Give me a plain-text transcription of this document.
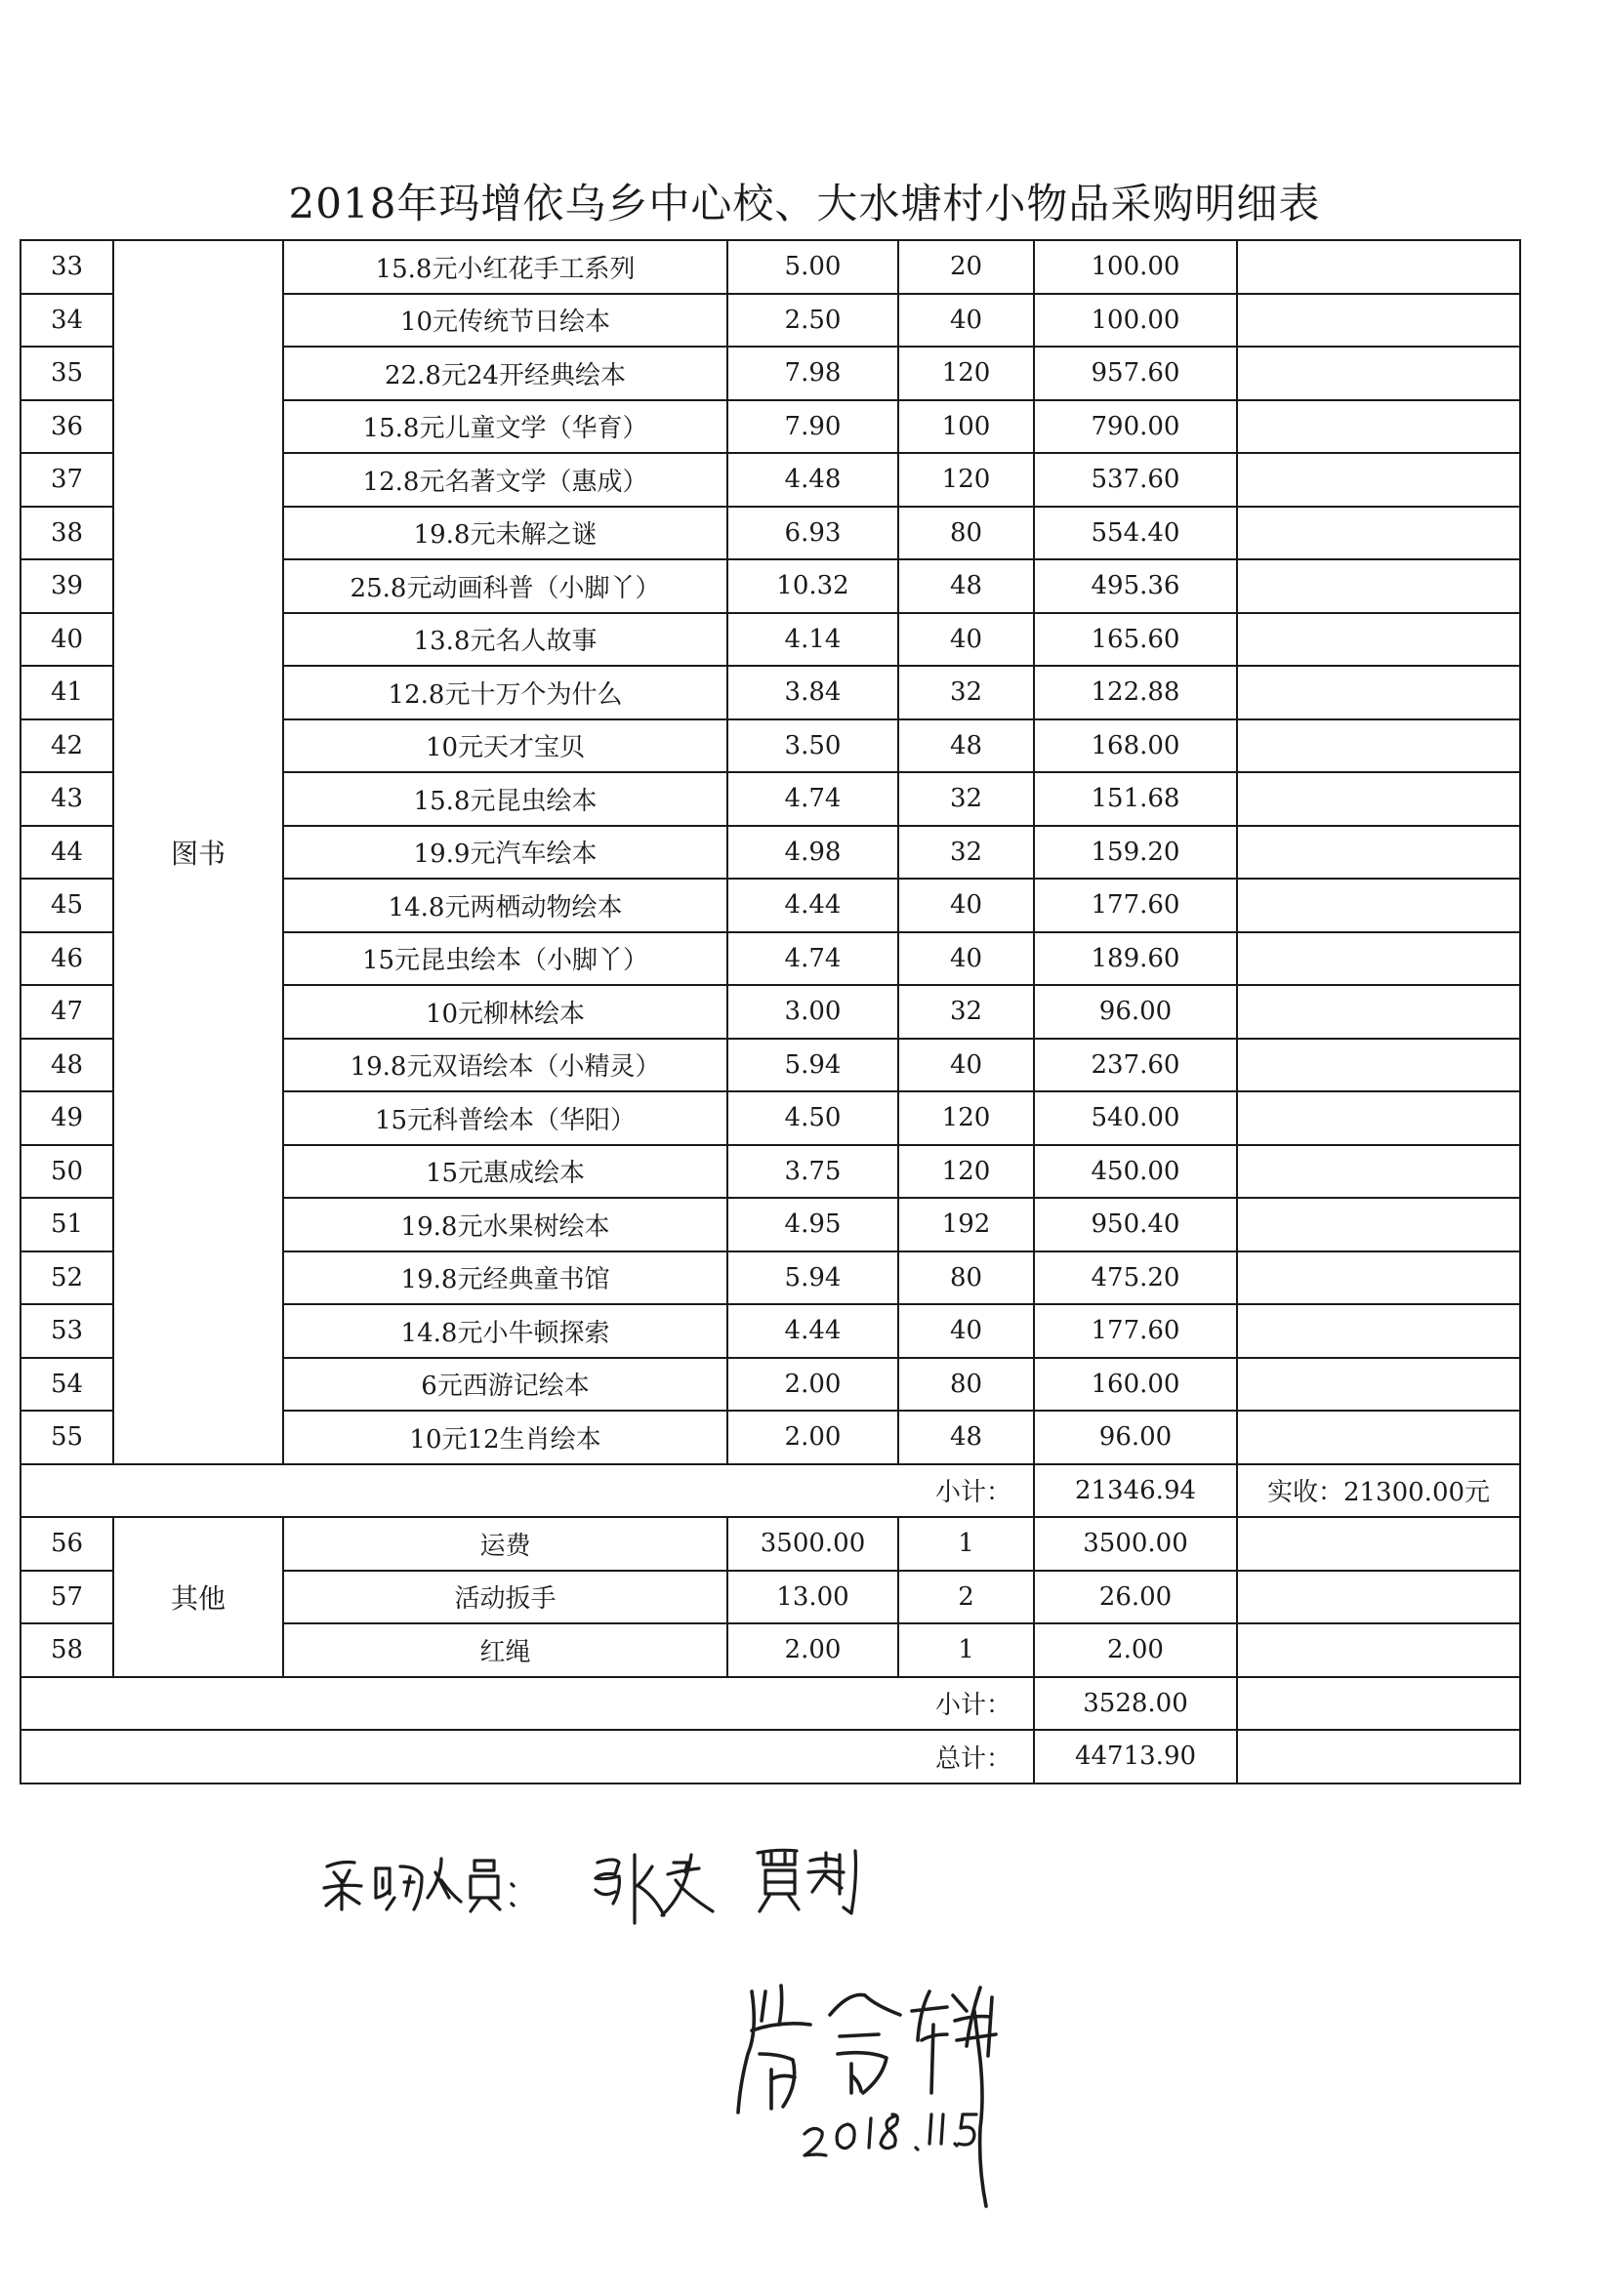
2018年玛增依乌乡中心校、大水塘村小物品采购明细表
33	图书	15.8元小红花手工系列	5.00	20	100.00	
34		10元传统节日绘本	2.50	40	100.00	
35		22.8元24开经典绘本	7.98	120	957.60	
36		15.8元儿童文学（华育）	7.90	100	790.00	
37		12.8元名著文学（惠成）	4.48	120	537.60	
38		19.8元未解之谜	6.93	80	554.40	
39		25.8元动画科普（小脚丫）	10.32	48	495.36	
40		13.8元名人故事	4.14	40	165.60	
41		12.8元十万个为什么	3.84	32	122.88	
42		10元天才宝贝	3.50	48	168.00	
43		15.8元昆虫绘本	4.74	32	151.68	
44		19.9元汽车绘本	4.98	32	159.20	
45		14.8元两栖动物绘本	4.44	40	177.60	
46		15元昆虫绘本（小脚丫）	4.74	40	189.60	
47		10元柳林绘本	3.00	32	96.00	
48		19.8元双语绘本（小精灵）	5.94	40	237.60	
49		15元科普绘本（华阳）	4.50	120	540.00	
50		15元惠成绘本	3.75	120	450.00	
51		19.8元水果树绘本	4.95	192	950.40	
52		19.8元经典童书馆	5.94	80	475.20	
53		14.8元小牛顿探索	4.44	40	177.60	
54		6元西游记绘本	2.00	80	160.00	
55		10元12生肖绘本	2.00	48	96.00	
小计：					21346.94	实收：21300.00元
56	其他	运费	3500.00	1	3500.00	
57		活动扳手	13.00	2	26.00	
58		红绳	2.00	1	2.00	
小计：					3528.00	
总计：					44713.90	
